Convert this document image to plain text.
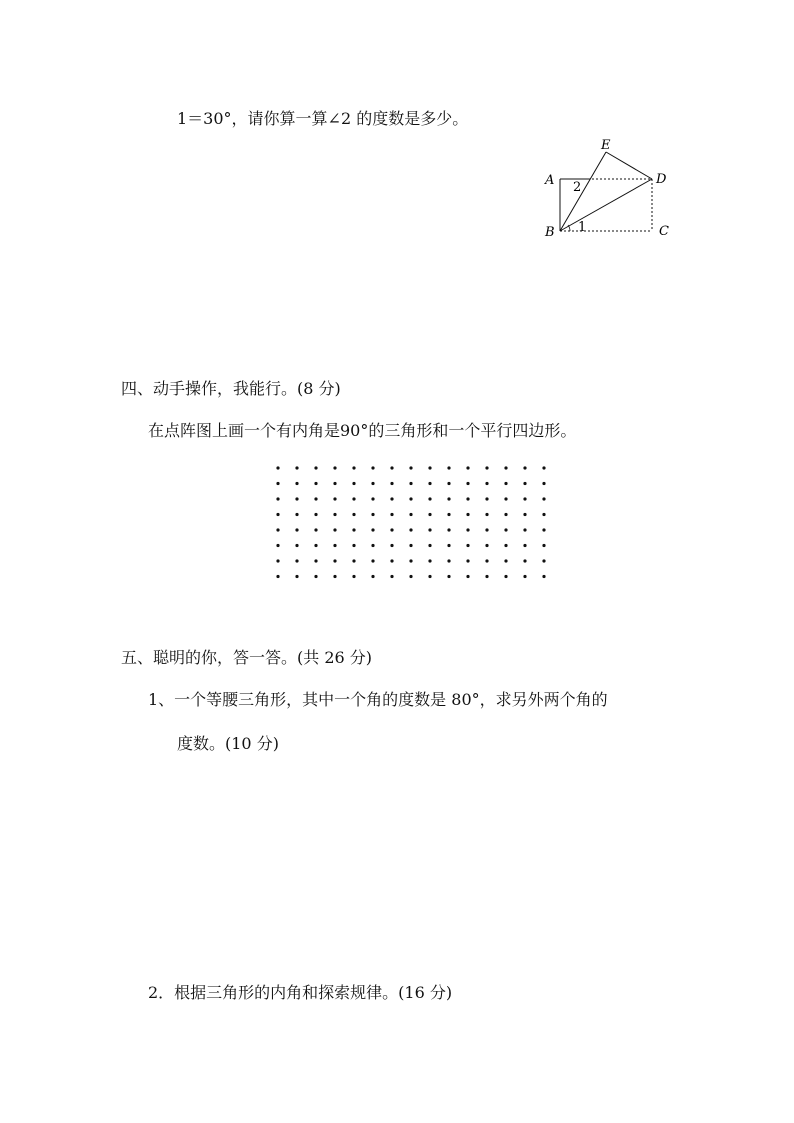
1＝30°，请你算一算∠2 的度数是多少。
A
B	C
D
E
2
1
四、动手操作，我能行。(8 分)
在点阵图上画一个有内角是90°的三角形和一个平行四边形。
五、聪明的你，答一答。(共 26 分)
1、一个等腰三角形，其中一个角的度数是 80°，求另外两个角的
度数。(10 分)
2．根据三角形的内角和探索规律。(16 分)
